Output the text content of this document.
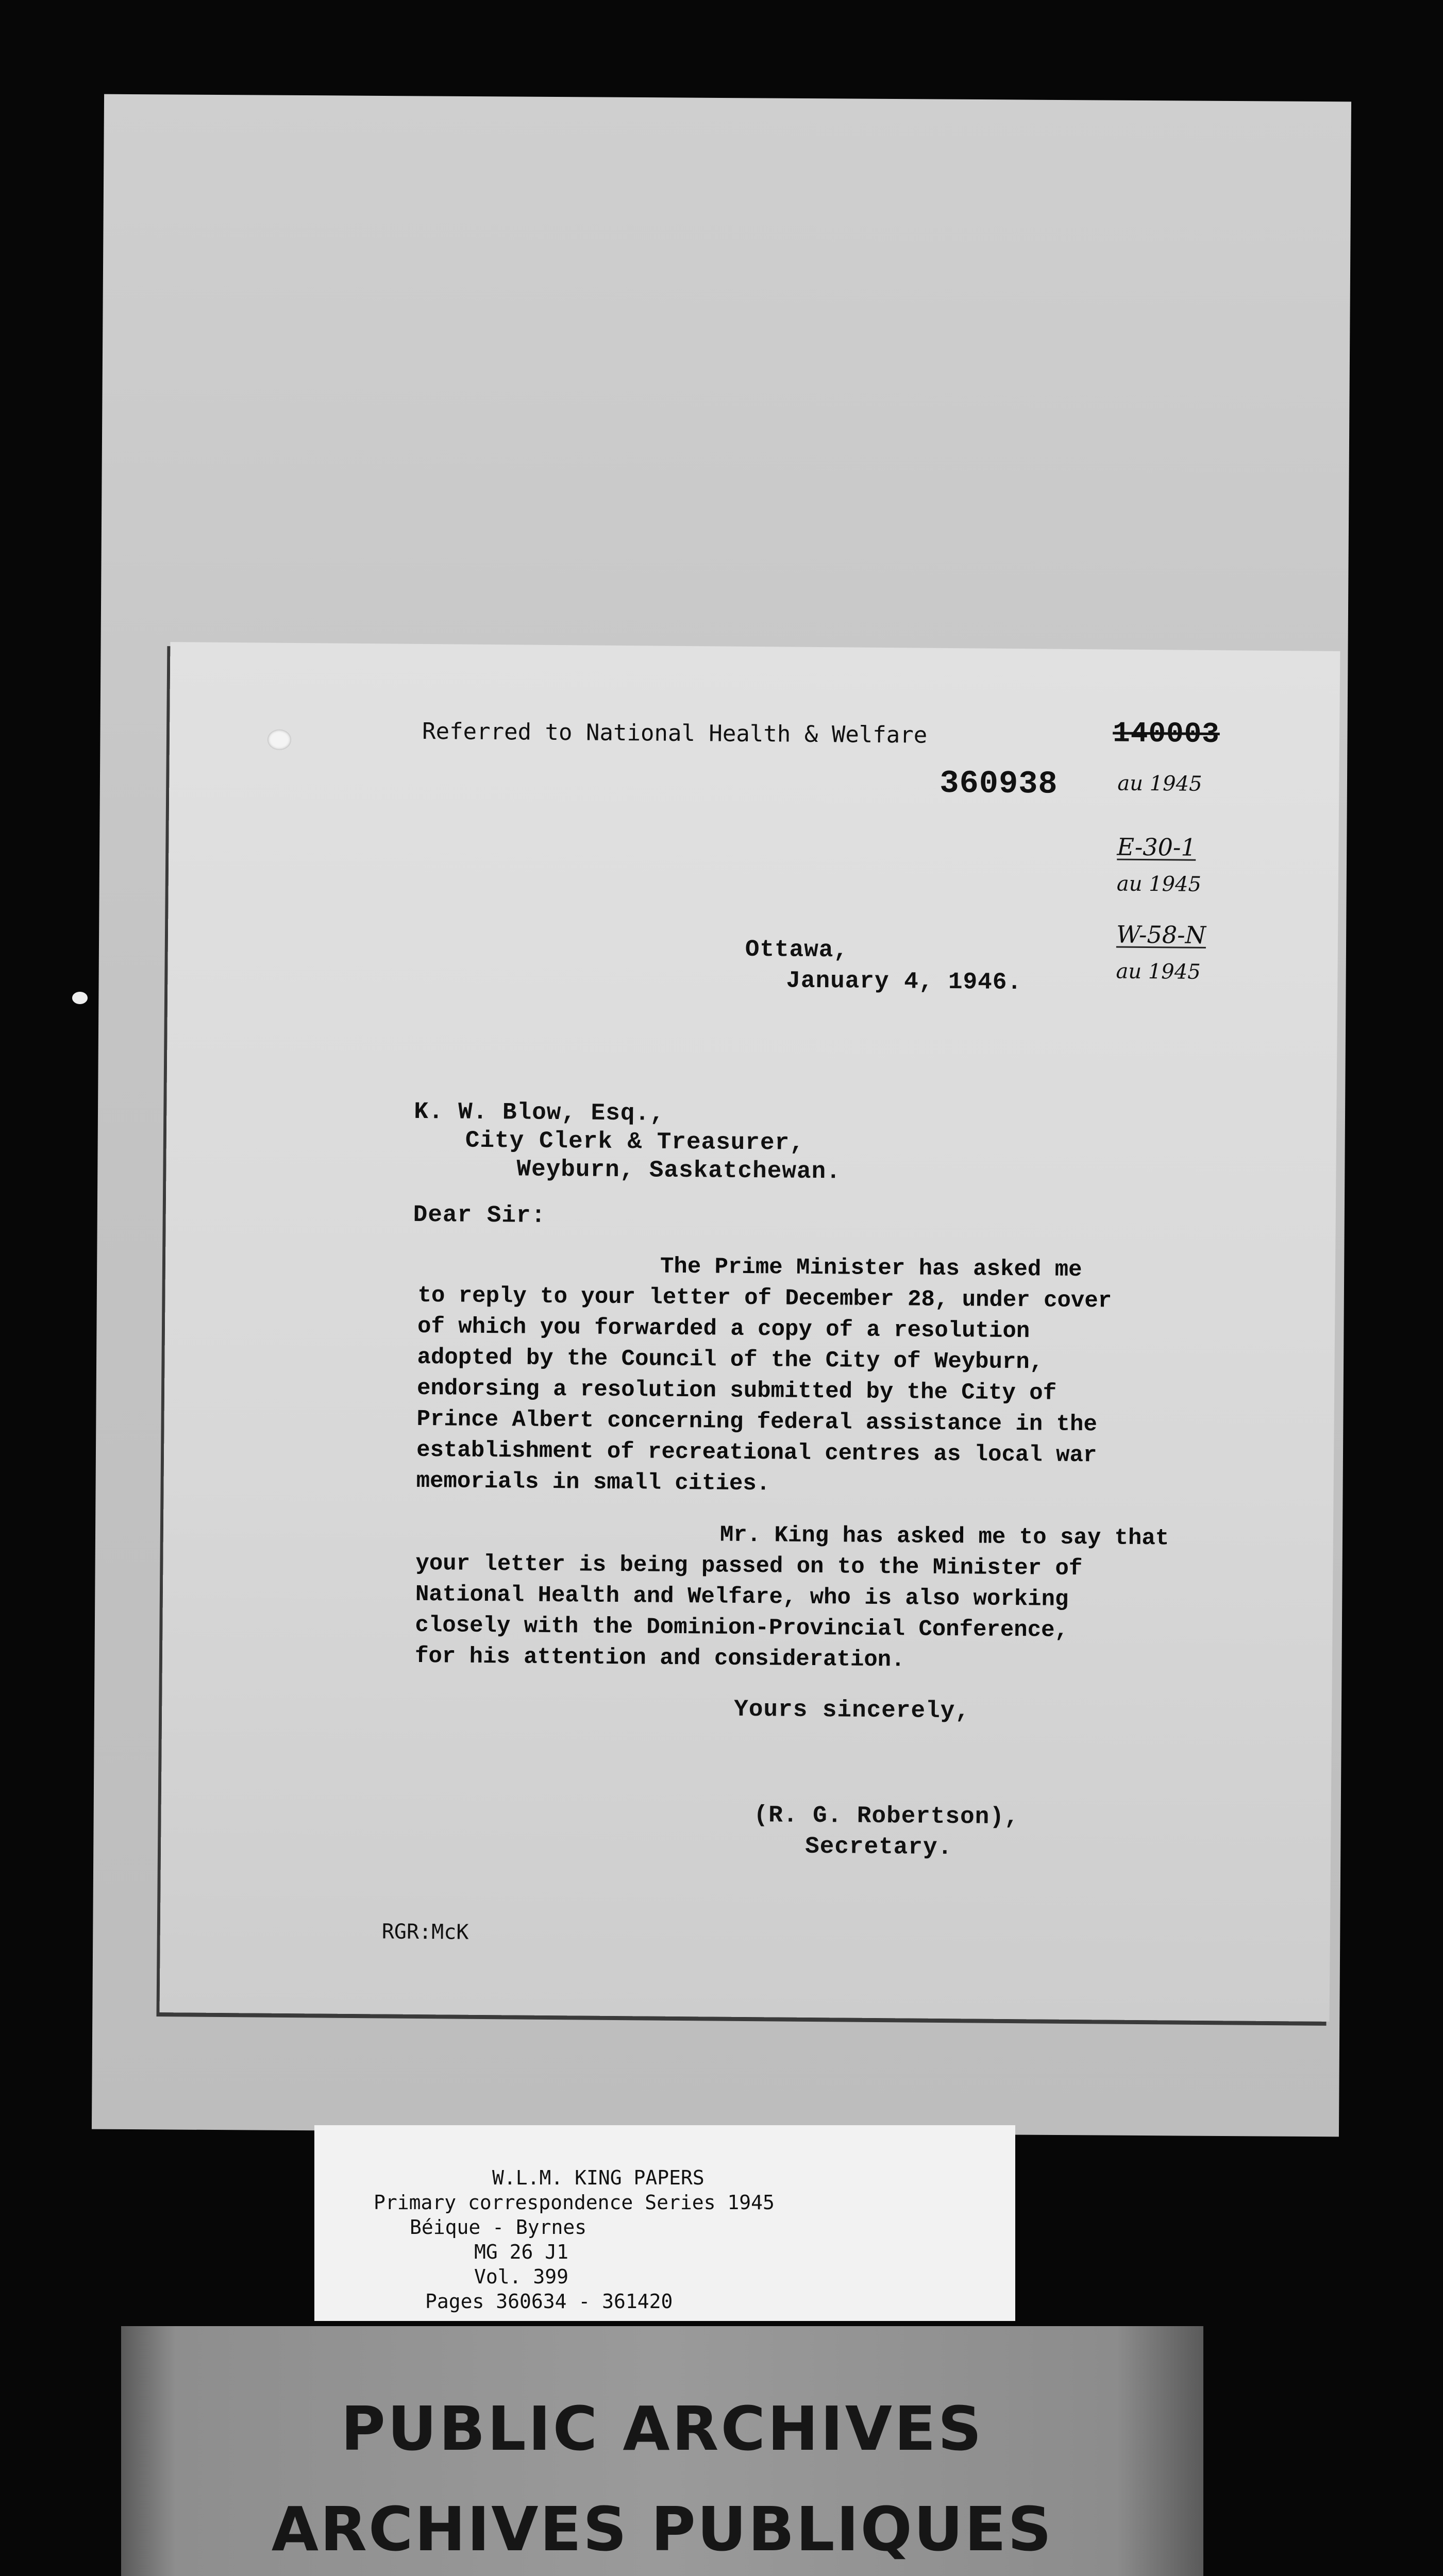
Referred to National Health & Welfare	140003
360938	au 1945
E-30-1
au 1945
W-58-N
au 1945
Ottawa,
January 4, 1946.
K. W. Blow, Esq.,
City Clerk & Treasurer,
Weyburn, Saskatchewan.
Dear Sir:
The Prime Minister has asked me
to reply to your letter of December 28, under cover
of which you forwarded a copy of a resolution
adopted by the Council of the City of Weyburn,
endorsing a resolution submitted by the City of
Prince Albert concerning federal assistance in the
establishment of recreational centres as local war
memorials in small cities.
Mr. King has asked me to say that
your letter is being passed on to the Minister of
National Health and Welfare, who is also working
closely with the Dominion-Provincial Conference,
for his attention and consideration.
Yours sincerely,
(R. G. Robertson),
Secretary.
RGR:McK
W.L.M. KING PAPERS
Primary correspondence Series 1945
Béique - Byrnes
MG 26 J1
Vol. 399
Pages 360634 - 361420
PUBLIC ARCHIVES
ARCHIVES PUBLIQUES
